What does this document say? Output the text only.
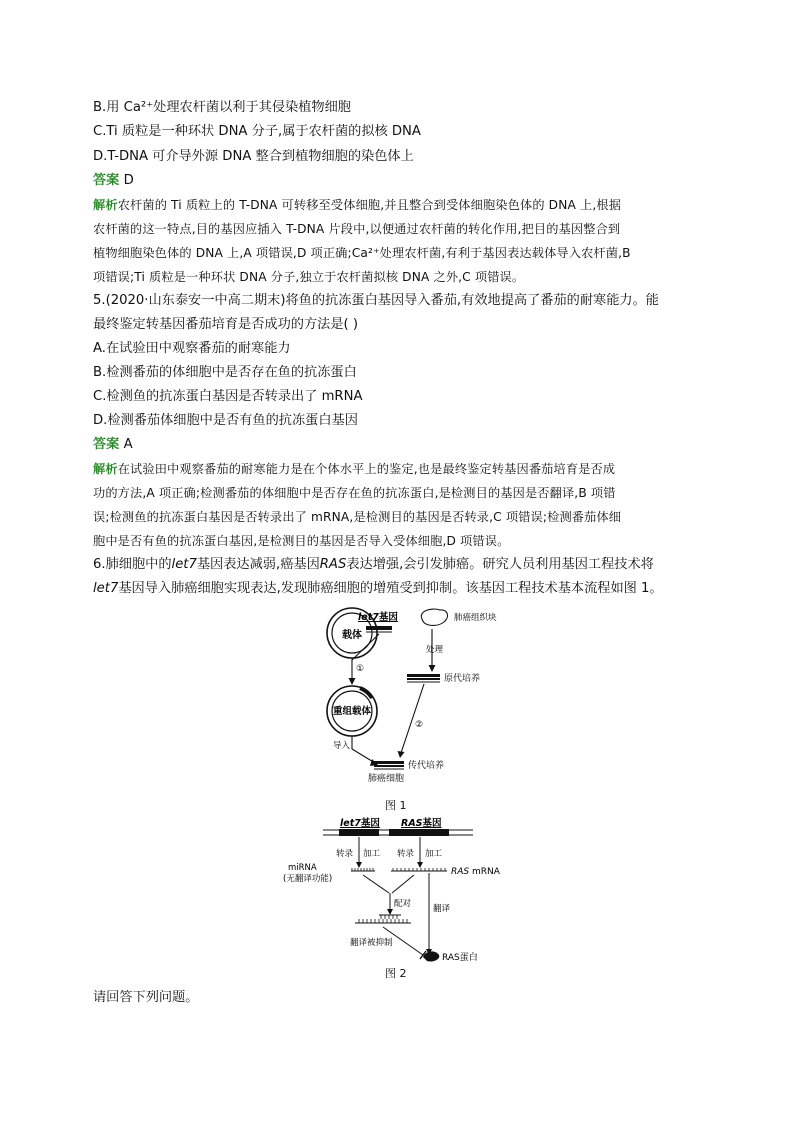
B.用 Ca²⁺处理农杆菌以利于其侵染植物细胞
C.Ti 质粒是一种环状 DNA 分子,属于农杆菌的拟核 DNA
D.T-DNA 可介导外源 DNA 整合到植物细胞的染色体上
答案 D
解析农杆菌的 Ti 质粒上的 T-DNA 可转移至受体细胞,并且整合到受体细胞染色体的 DNA 上,根据
农杆菌的这一特点,目的基因应插入 T-DNA 片段中,以便通过农杆菌的转化作用,把目的基因整合到
植物细胞染色体的 DNA 上,A 项错误,D 项正确;Ca²⁺处理农杆菌,有利于基因表达载体导入农杆菌,B
项错误;Ti 质粒是一种环状 DNA 分子,独立于农杆菌拟核 DNA 之外,C 项错误。
5.(2020·山东泰安一中高二期末)将鱼的抗冻蛋白基因导入番茄,有效地提高了番茄的耐寒能力。能
最终鉴定转基因番茄培育是否成功的方法是( )
A.在试验田中观察番茄的耐寒能力
B.检测番茄的体细胞中是否存在鱼的抗冻蛋白
C.检测鱼的抗冻蛋白基因是否转录出了 mRNA
D.检测番茄体细胞中是否有鱼的抗冻蛋白基因
答案 A
解析在试验田中观察番茄的耐寒能力是在个体水平上的鉴定,也是最终鉴定转基因番茄培育是否成
功的方法,A 项正确;检测番茄的体细胞中是否存在鱼的抗冻蛋白,是检测目的基因是否翻译,B 项错
误;检测鱼的抗冻蛋白基因是否转录出了 mRNA,是检测目的基因是否转录,C 项错误;检测番茄体细
胞中是否有鱼的抗冻蛋白基因,是检测目的基因是否导入受体细胞,D 项错误。
6.肺细胞中的let7基因表达减弱,癌基因RAS表达增强,会引发肺癌。研究人员利用基因工程技术将
let7基因导入肺癌细胞实现表达,发现肺癌细胞的增殖受到抑制。该基因工程技术基本流程如图 1。
载体
let7基因	肺癌组织块
处理
原代培养
①
重组载体
②
导入
传代培养
肺癌细胞
图 1
let7基因 RAS基因
转录 加工 转录 加工
miRNA
(无翻译功能)
RAS mRNA
配对	翻译
翻译被抑制
RAS蛋白
图 2
请回答下列问题。
